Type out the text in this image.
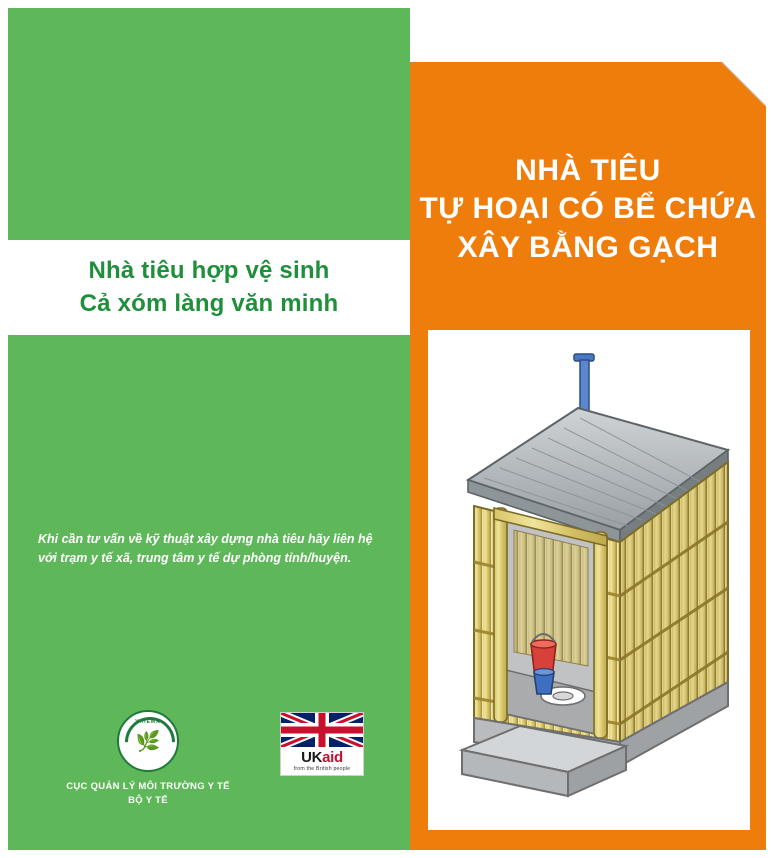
Nhà tiêu hợp vệ sinh
Cả xóm làng văn minh
Khi cần tư vấn về kỹ thuật xây dựng nhà tiêu hãy liên hệ
với trạm y tế xã, trung tâm y tế dự phòng tỉnh/huyện.
VIHEMA
🌿
CỤC QUẢN LÝ MÔI TRƯỜNG Y TẾ
BỘ Y TẾ
UKaid
from the British people
NHÀ TIÊU
TỰ HOẠI CÓ BỂ CHỨA
XÂY BẰNG GẠCH
